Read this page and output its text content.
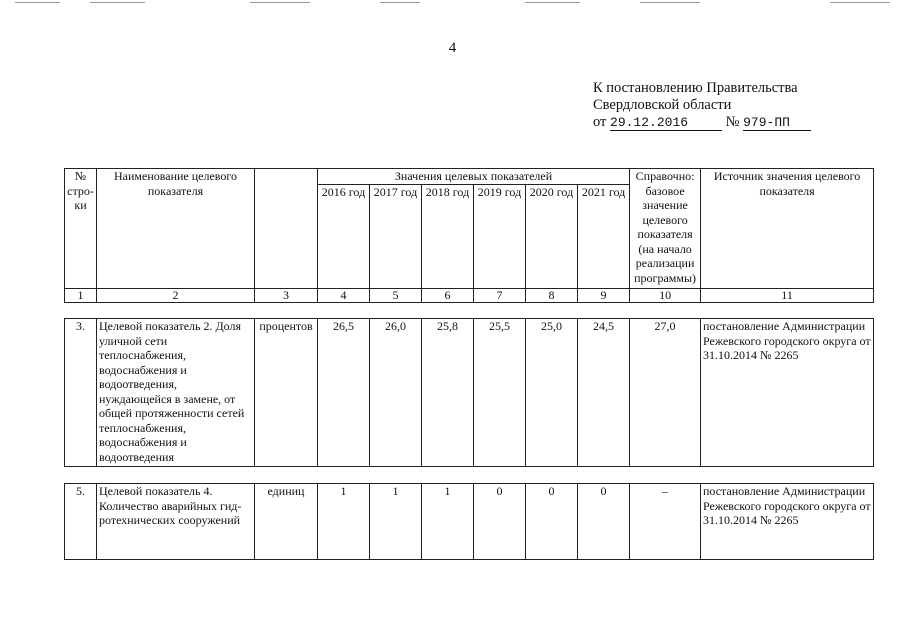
4
К постановлению Правительства
Свердловской области
от 29.12.2016	№ 979-ПП
№ стро-ки	Наименование целевого показателя		Значения целевых показателей						Справочно: базовое значение целевого показателя (на начало реализации программы)	Источник значения целевого показателя
			2016 год	2017 год	2018 год	2019 год	2020 год	2021 год		
1	2	3	4	5	6	7	8	9	10	11
3.	Целевой показатель 2. Доля уличной сети теплоснабжения, водоснабжения и водоотведения, нуждающейся в замене, от общей протяженности сетей теплоснабжения, водоснабжения и водоотведения	процентов	26,5	26,0	25,8	25,5	25,0	24,5	27,0	постановление Администрации Режевского городского округа от 31.10.2014 № 2265
5.	Целевой показатель 4. Количество аварийных гид-ротехнических сооружений	единиц	1	1	1	0	0	0	–	постановление Администрации Режевского городского округа от 31.10.2014 № 2265
